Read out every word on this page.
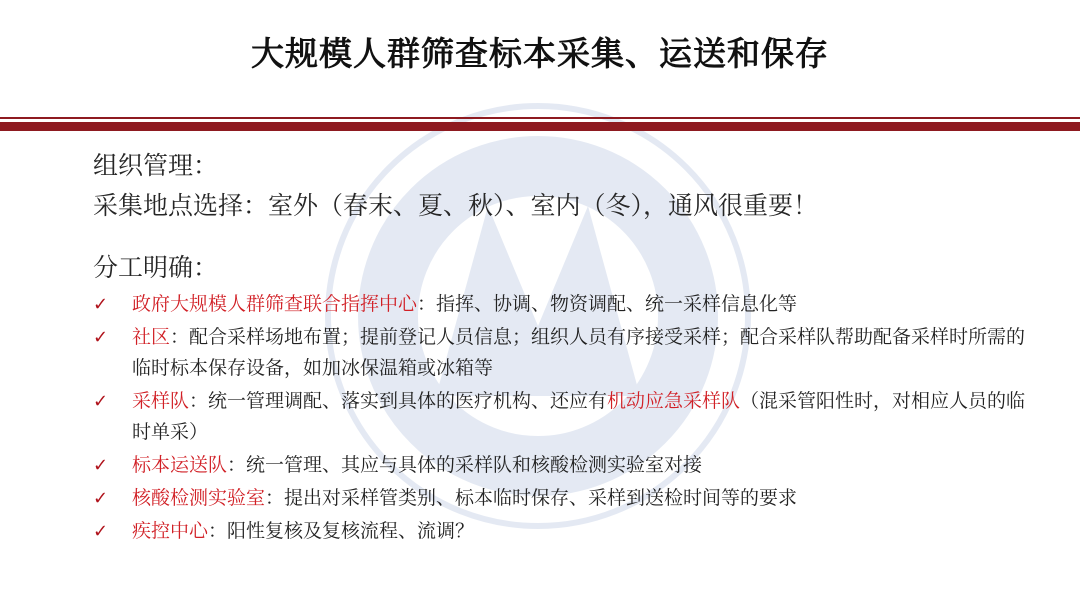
大规模人群筛查标本采集、运送和保存
组织管理：
采集地点选择：室外（春末、夏、秋）、室内（冬），通风很重要！
分工明确：
✓ 政府大规模人群筛查联合指挥中心：指挥、协调、物资调配、统一采样信息化等
✓ 社区：配合采样场地布置；提前登记人员信息；组织人员有序接受采样；配合采样队帮助配备采样时所需的临时标本保存设备，如加冰保温箱或冰箱等
✓ 采样队：统一管理调配、落实到具体的医疗机构、还应有机动应急采样队（混采管阳性时，对相应人员的临时单采）
✓ 标本运送队：统一管理、其应与具体的采样队和核酸检测实验室对接
✓ 核酸检测实验室：提出对采样管类别、标本临时保存、采样到送检时间等的要求
✓ 疾控中心：阳性复核及复核流程、流调？
